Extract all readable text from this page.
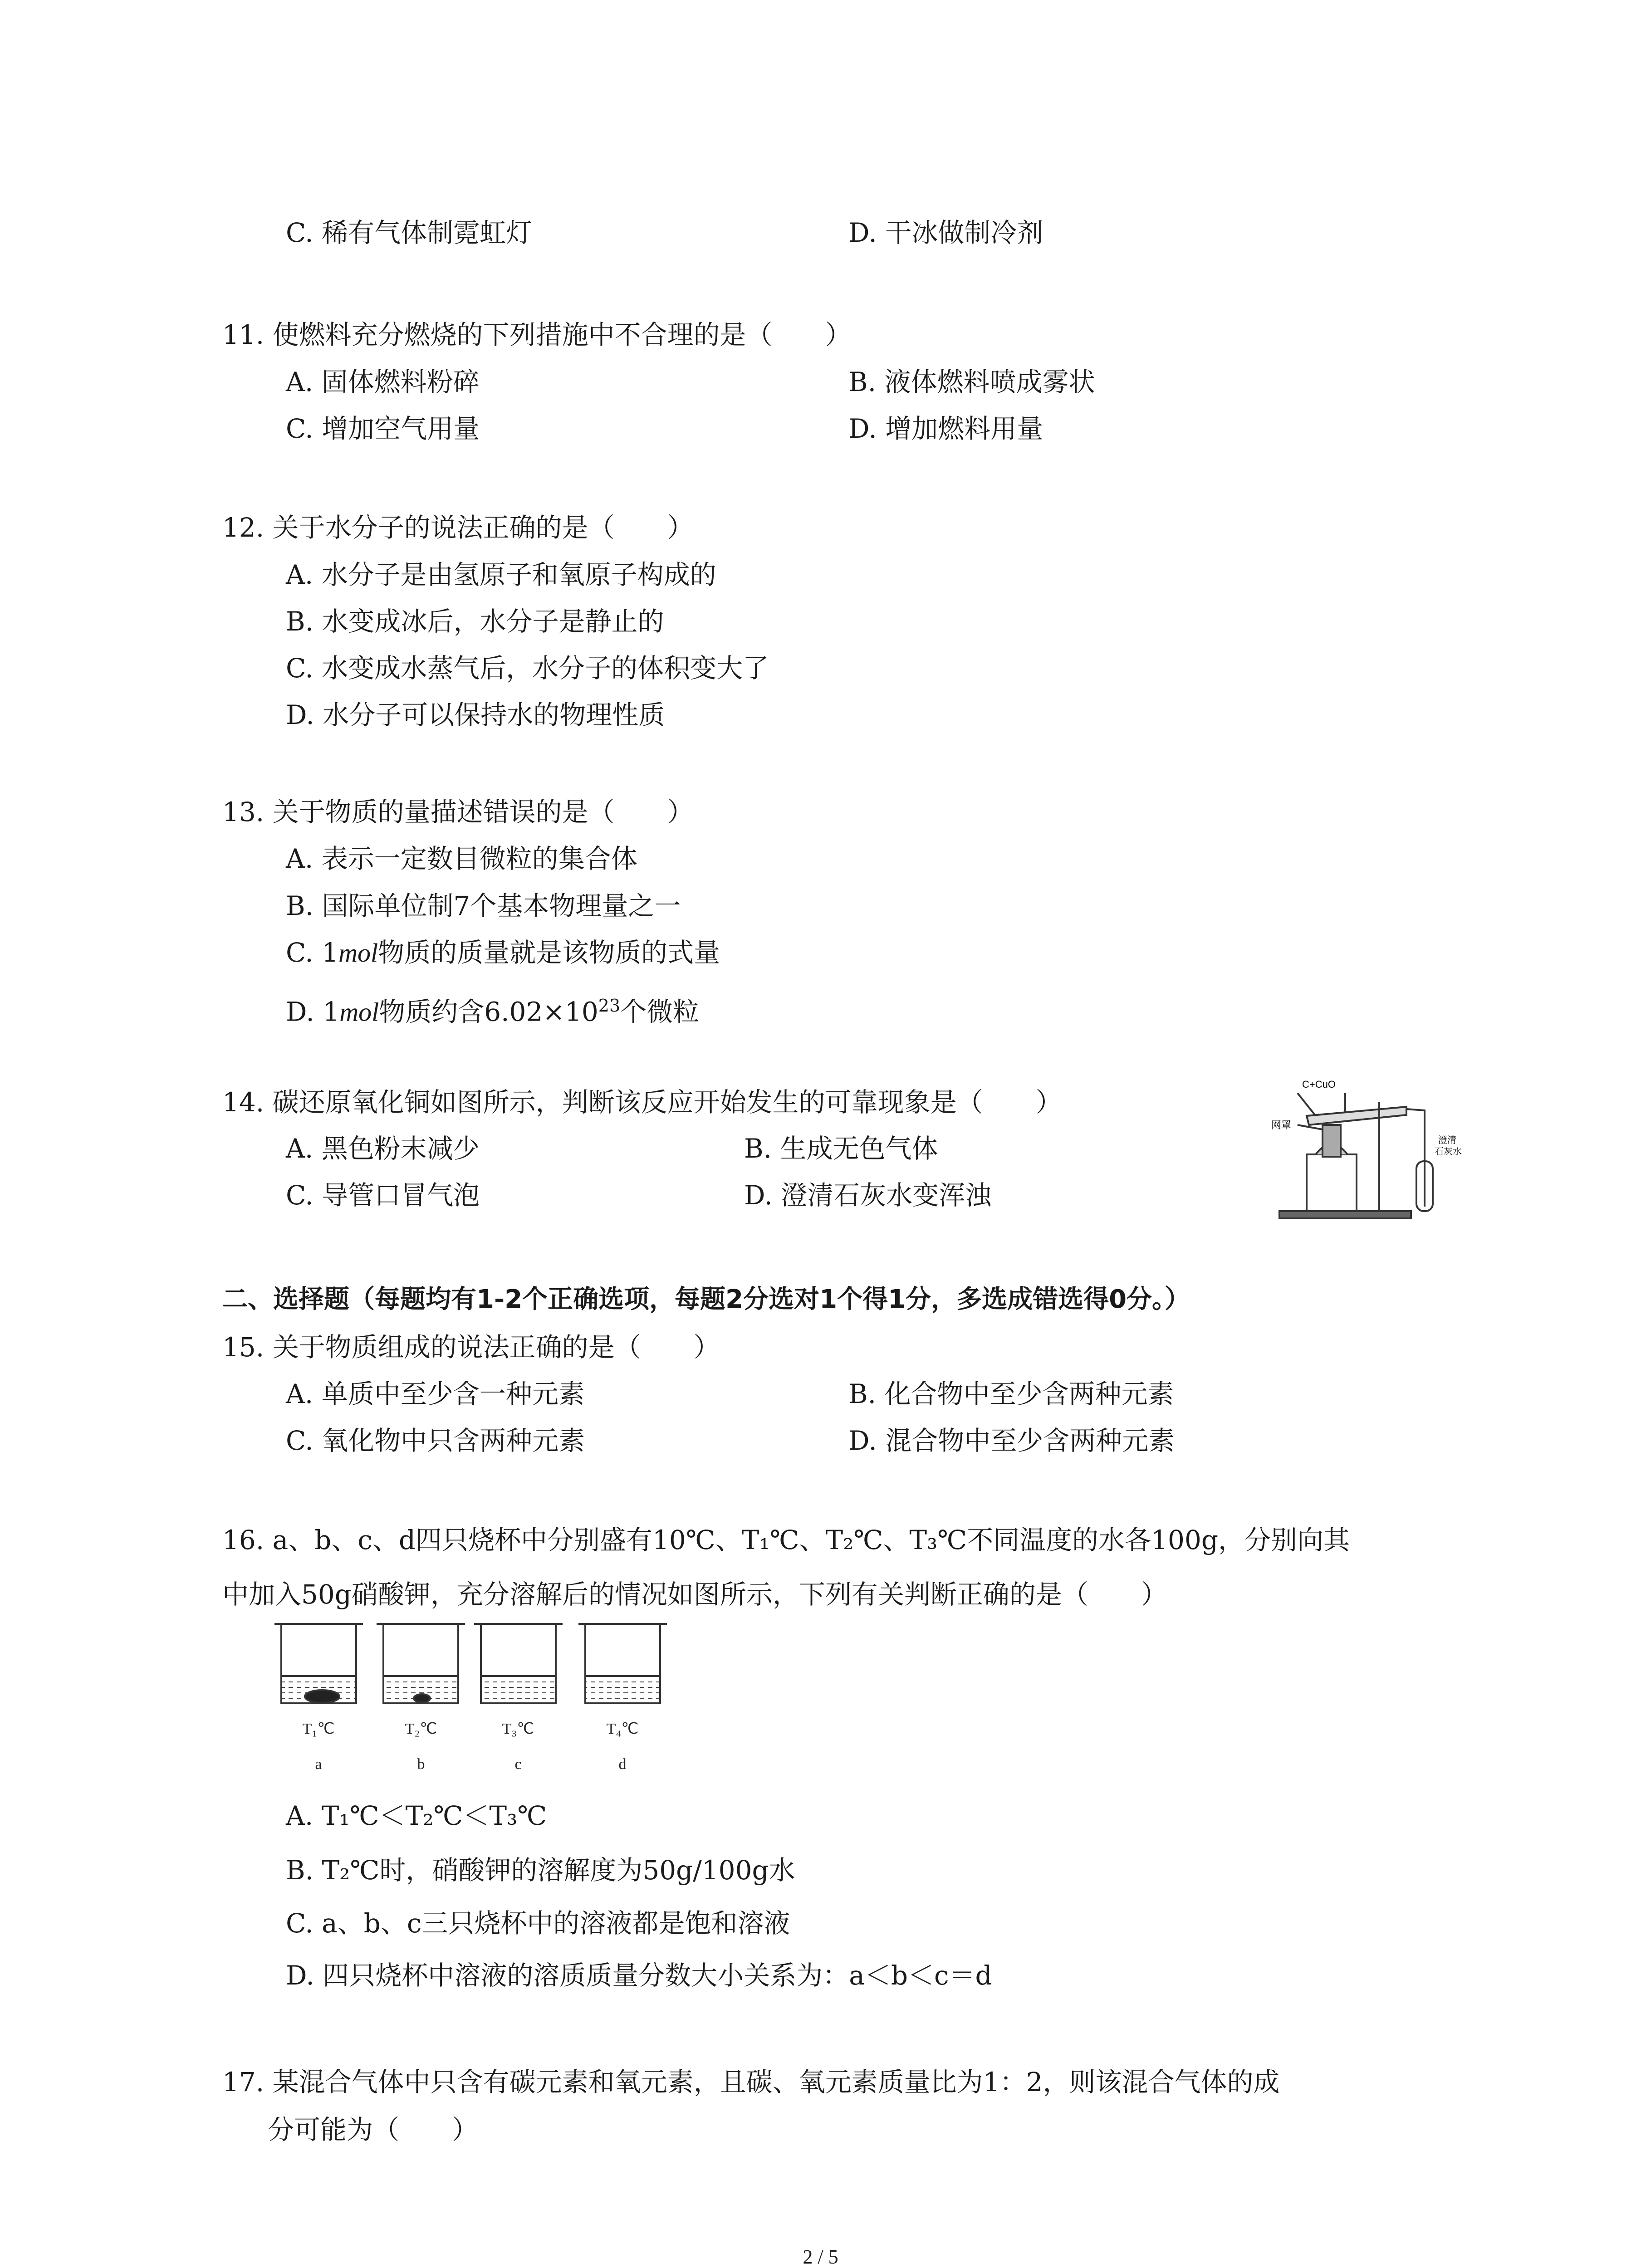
C. 稀有气体制霓虹灯	D. 干冰做制冷剂
11. 使燃料充分燃烧的下列措施中不合理的是（　　）
A. 固体燃料粉碎	B. 液体燃料喷成雾状
C. 增加空气用量	D. 增加燃料用量
12. 关于水分子的说法正确的是（　　）
A. 水分子是由氢原子和氧原子构成的
B. 水变成冰后，水分子是静止的
C. 水变成水蒸气后，水分子的体积变大了
D. 水分子可以保持水的物理性质
13. 关于物质的量描述错误的是（　　）
A. 表示一定数目微粒的集合体
B. 国际单位制7个基本物理量之一
C. 1mol物质的质量就是该物质的式量
D. 1mol物质约含$6.02\times 10^{23}$个微粒
14. 碳还原氧化铜如图所示，判断该反应开始发生的可靠现象是（　　）
A. 黑色粉末减少	B. 生成无色气体
C. 导管口冒气泡	D. 澄清石灰水变浑浊
C+CuO
网罩
澄清
石灰水
二、选择题（每题均有1-2个正确选项，每题2分选对1个得1分，多选成错选得0分。）
15. 关于物质组成的说法正确的是（　　）
A. 单质中至少含一种元素	B. 化合物中至少含两种元素
C. 氧化物中只含两种元素	D. 混合物中至少含两种元素
16. a、b、c、d四只烧杯中分别盛有10℃、T₁℃、T₂℃、T₃℃不同温度的水各100g，分别向其
中加入50g硝酸钾，充分溶解后的情况如图所示，下列有关判断正确的是（　　）
T₁℃	T₂℃	T₃℃	T₄℃
a	b	c	d
A. T₁℃＜T₂℃＜T₃℃
B. T₂℃时，硝酸钾的溶解度为50g/100g水
C. a、b、c三只烧杯中的溶液都是饱和溶液
D. 四只烧杯中溶液的溶质质量分数大小关系为：a＜b＜c＝d
17. 某混合气体中只含有碳元素和氧元素，且碳、氧元素质量比为1：2，则该混合气体的成
分可能为（　　）
2 / 5
